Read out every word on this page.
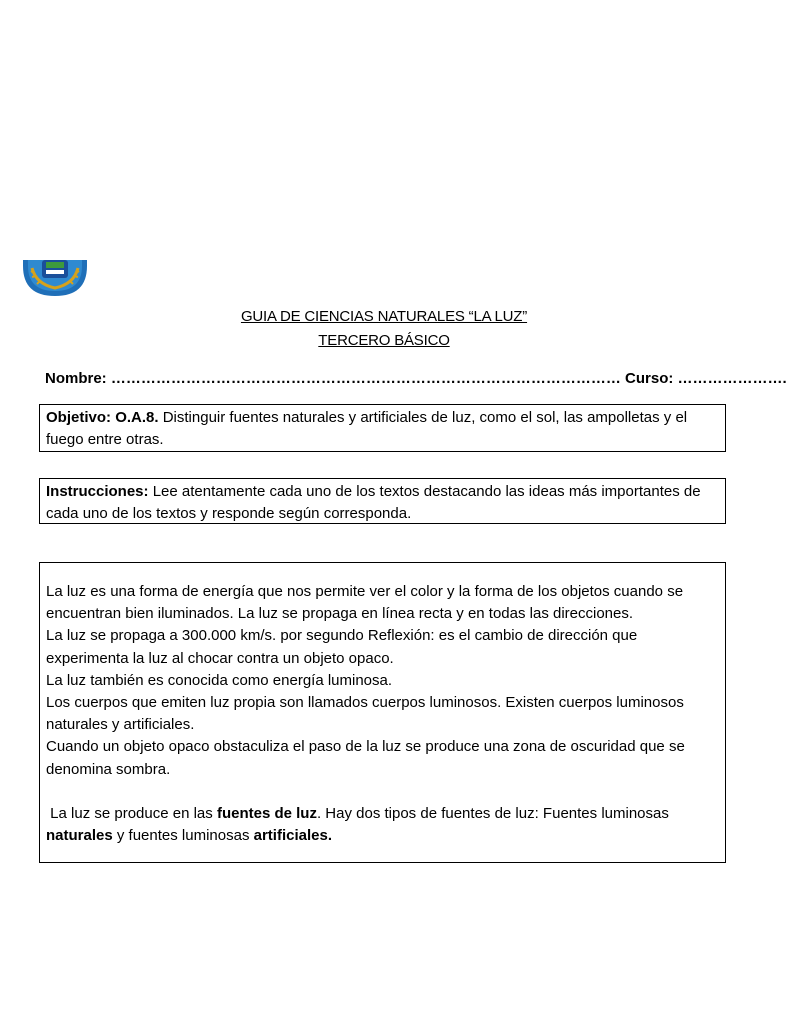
GUIA DE CIENCIAS NATURALES “LA LUZ”
TERCERO BÁSICO
Nombre: ………………………………………………………………………………………… Curso: ………………….
Objetivo: O.A.8. Distinguir fuentes naturales y artificiales de luz, como el sol, las ampolletas y el fuego entre otras.
Instrucciones: Lee atentamente cada uno de los textos destacando las ideas más importantes de cada uno de los textos y responde según corresponda.

La luz es una forma de energía que nos permite ver el color y la forma de los objetos cuando se encuentran bien iluminados. La luz se propaga en línea recta y en todas las direcciones.

La luz se propaga a 300.000 km/s. por segundo Reflexión: es el cambio de dirección que experimenta la luz al chocar contra un objeto opaco.

La luz también es conocida como energía luminosa.

Los cuerpos que emiten luz propia son llamados cuerpos luminosos. Existen cuerpos luminosos naturales y artificiales.

Cuando un objeto opaco obstaculiza el paso de la luz se produce una zona de oscuridad que se denomina sombra.

La luz se produce en las fuentes de luz. Hay dos tipos de fuentes de luz: Fuentes luminosas naturales y fuentes luminosas artificiales.
